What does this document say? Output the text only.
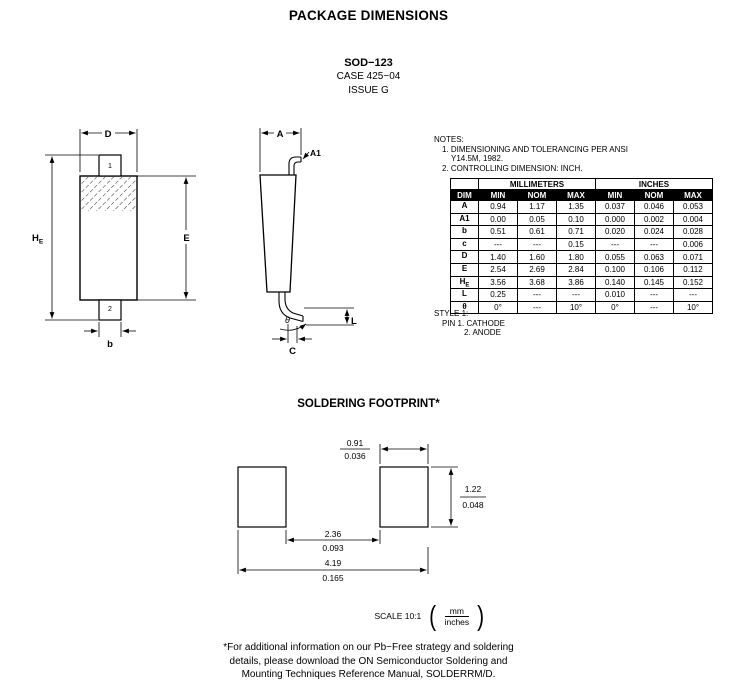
PACKAGE DIMENSIONS
SOD−123
CASE 425−04
ISSUE G
1
2
D
$H_E$	E
b
A
A1
θ	L
C
NOTES:
1. DIMENSIONING AND TOLERANCING PER ANSI
Y14.5M, 1982.
2. CONTROLLING DIMENSION: INCH.
	MILLIMETERS			INCHES		
DIM	MIN	NOM	MAX	MIN	NOM	MAX
A	0.94	1.17	1.35	0.037	0.046	0.053
A1	0.00	0.05	0.10	0.000	0.002	0.004
b	0.51	0.61	0.71	0.020	0.024	0.028
c	---	---	0.15	---	---	0.006
D	1.40	1.60	1.80	0.055	0.063	0.071
E	2.54	2.69	2.84	0.100	0.106	0.112
$H_E$	3.56	3.68	3.86	0.140	0.145	0.152
L	0.25	---	---	0.010	---	---
θ	0°	---	10°	0°	---	10°
STYLE 1:
PIN 1. CATHODE
2. ANODE
SOLDERING FOOTPRINT*
0.91
0.036
1.22
0.048
2.36
0.093
4.19
0.165
SCALE 10:1 ( $\frac{mm}{\text{inches}}$ )
*For additional information on our Pb−Free strategy and soldering
details, please download the ON Semiconductor Soldering and
Mounting Techniques Reference Manual, SOLDERRM/D.
